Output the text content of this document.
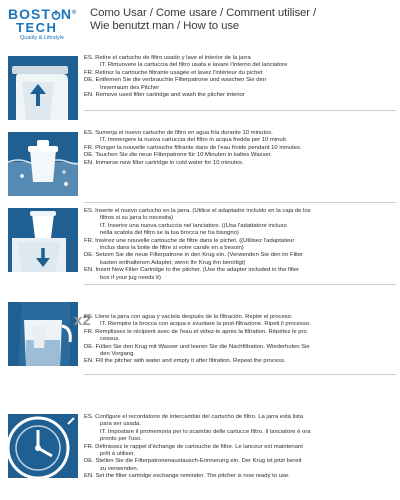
BOST N®
TECH
Quality & Lifestyle
Como Usar / Come usare / Comment utiliser /
Wie benutzt man / How to use
ES. Retire el cartucho de filtro usado y lave el interior de la jarra
IT. Rimuovere la cartuccia del filtro usata e lavare l'interno del lanciatore
FR. Retirez la cartouche filtrante usagée et lavez l'intérieur du pichet
DE. Entfernen Sie die verbrauchte Filterpatrone und waschen Sie den
Innenraum des Pitcher
EN. Remove used filter cartridge and wash the pitcher interior
ES. Sumerja el nuevo cartucho de filtro en agua fría durante 10 minutos.
IT. Immergere la nuova cartuccia del filtro in acqua fredda per 10 minuti.
FR. Plonger la nouvelle cartouche filtrante dans de l'eau froide pendant 10 minutes.
DE. Tauchen Sie die neue Filterpatrone für 10 Minuten in kaltes Wasser.
EN. Immerse new filter cartridge in cold water for 10 minutes.
ES. Inserte el nuevo cartucho en la jarra. (Utilice el adaptador incluido en la caja de los
filtros si su jarra lo necesita)
IT. Inserire una nuova cartuccia nel lanciatore. ((Usa l'adattatore incluso
nella scatola del filtro se la tua brocca ne ha bisogno)
FR. Insérez une nouvelle cartouche de filtre dans le pichet. ((Utilisez l'adaptateur
inclus dans la boite de filtre si votre carafe en a besoin)
DE. Setzen Sie die neue Filterpatrone in den Krug ein. (Verwenden Sie den im Filter
kasten enthaltenen Adapter, wenn Ihr Krug ihn benötigt)
EN. Insert New Filter Cartridge to the pitcher. (Use the adapter included in the filter
box if your jug needs it)
x2
ES. Llene la jarra con agua y vacíela después de la filtración. Repite el proceso.
IT. Riempire la brocca con acqua e svuotare la post-filtrazione. Ripeti il processo.
FR. Remplissez le récipient avec de l'eau et videz-le après la filtration. Répétez le pro
cessus.
DE. Füllen Sie den Krug mit Wasser und leeren Sie die Nachfiltration. Wiederholen Sie
den Vorgang.
EN. Fill the pitcher with water and empty it after filtration. Repeat the process.
ES. Configure el recordatorio de intercambio del cartucho de filtro. La jarra está lista
para ser usada.
IT. Impostare il promemoria per lo scambio delle cartucce filtro. Il lanciatore è ora
pronto per l'uso.
FR. Définissez le rappel d'échange de cartouche de filtre. Le lanceur est maintenant
prêt à utiliser.
DE. Stellen Sie die Filterpatronenaustausch-Erinnerung ein. Der Krug ist jetzt bereit
zu verwenden.
EN. Set the filter cartridge exchange reminder. The pitcher is now ready to use.
